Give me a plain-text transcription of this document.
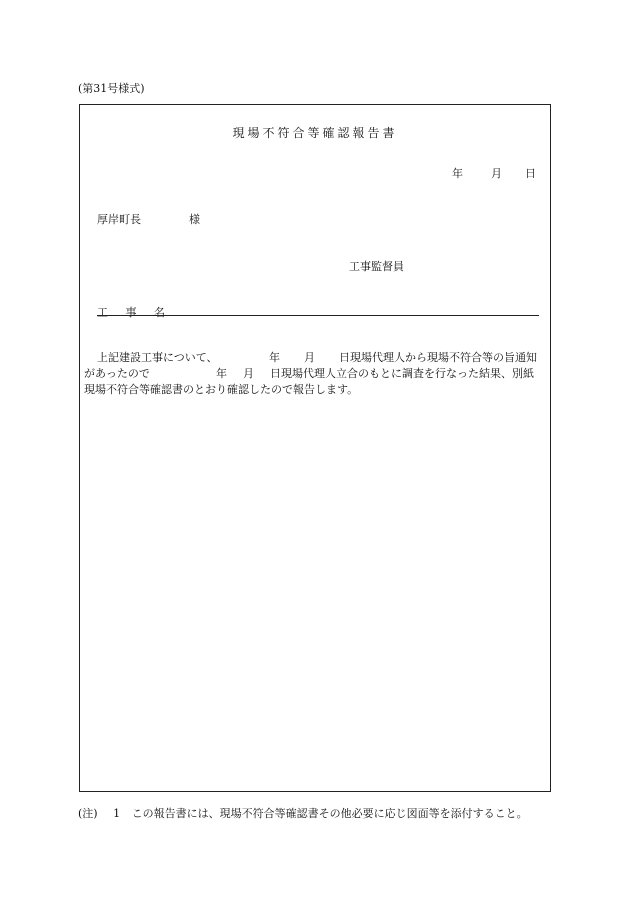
(第31号様式)
現場不符合等確認報告書
年	月 日
厚岸町長	様
工事監督員
工 事 名
上記建設工事について、	年 月 日現場代理人から現場不符合等の旨通知
があったので	年 月 日現場代理人立合のもとに調査を行なった結果、別紙
現場不符合等確認書のとおり確認したので報告します。
(注) 1 この報告書には、現場不符合等確認書その他必要に応じ図面等を添付すること。
